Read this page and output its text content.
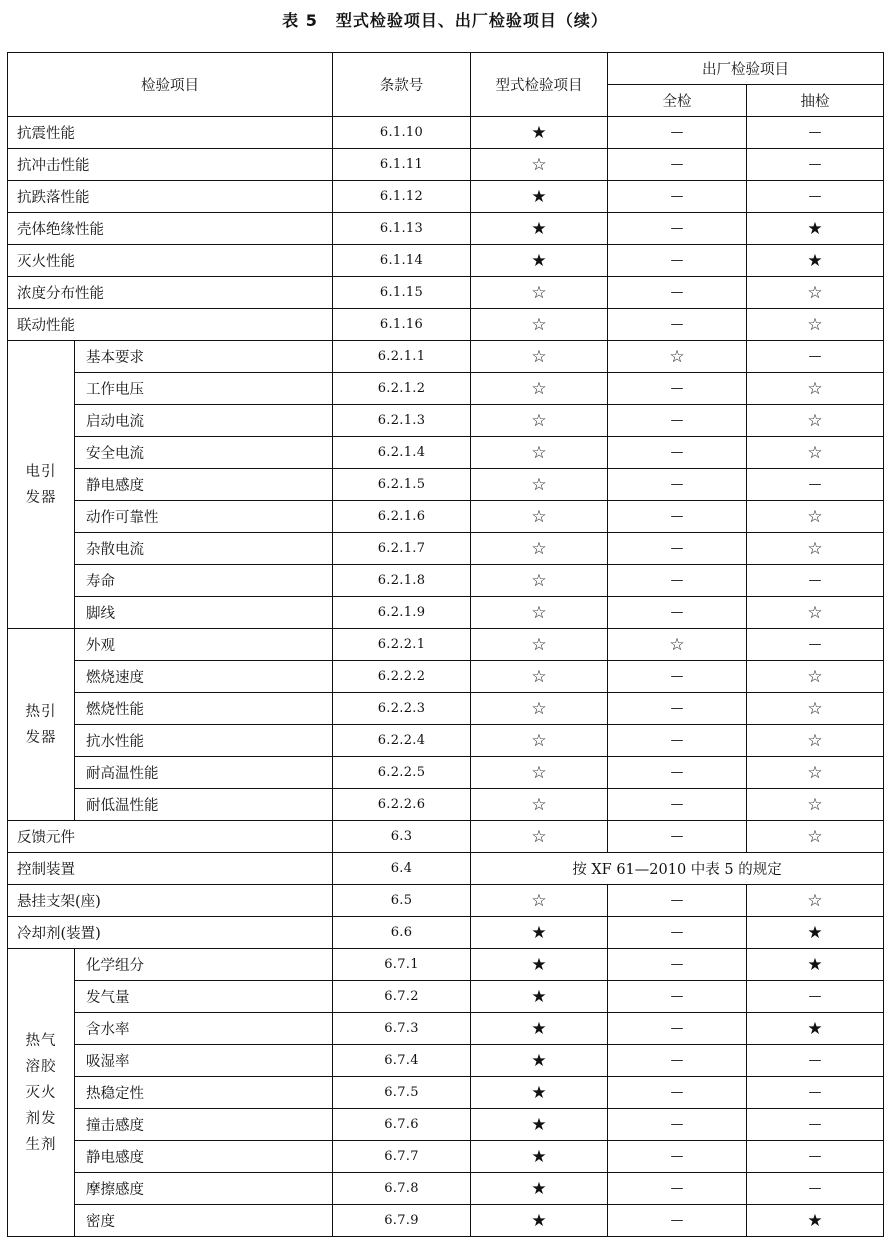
表 5 型式检验项目、出厂检验项目（续）
检验项目		条款号	型式检验项目	出厂检验项目	
				全检	抽检
抗震性能		6.1.10	★	—	—
抗冲击性能		6.1.11	☆	—	—
抗跌落性能		6.1.12	★	—	—
壳体绝缘性能		6.1.13	★	—	★
灭火性能		6.1.14	★	—	★
浓度分布性能		6.1.15	☆	—	☆
联动性能		6.1.16	☆	—	☆

电引
发器	基本要求	6.2.1.1	☆	☆	—
	工作电压	6.2.1.2	☆	—	☆
	启动电流	6.2.1.3	☆	—	☆
	安全电流	6.2.1.4	☆	—	☆
	静电感度	6.2.1.5	☆	—	—
	动作可靠性	6.2.1.6	☆	—	☆
	杂散电流	6.2.1.7	☆	—	☆
	寿命	6.2.1.8	☆	—	—
	脚线	6.2.1.9	☆	—	☆

热引
发器	外观	6.2.2.1	☆	☆	—
	燃烧速度	6.2.2.2	☆	—	☆
	燃烧性能	6.2.2.3	☆	—	☆
	抗水性能	6.2.2.4	☆	—	☆
	耐高温性能	6.2.2.5	☆	—	☆
	耐低温性能	6.2.2.6	☆	—	☆
反馈元件		6.3	☆	—	☆
控制装置		6.4	按 XF 61—2010 中表 5 的规定		
悬挂支架(座)		6.5	☆	—	☆
冷却剂(装置)		6.6	★	—	★

热气
溶胶
灭火
剂发
生剂	化学组分	6.7.1	★	—	★
	发气量	6.7.2	★	—	—
	含水率	6.7.3	★	—	★
	吸湿率	6.7.4	★	—	—
	热稳定性	6.7.5	★	—	—
	撞击感度	6.7.6	★	—	—
	静电感度	6.7.7	★	—	—
	摩擦感度	6.7.8	★	—	—
	密度	6.7.9	★	—	★
